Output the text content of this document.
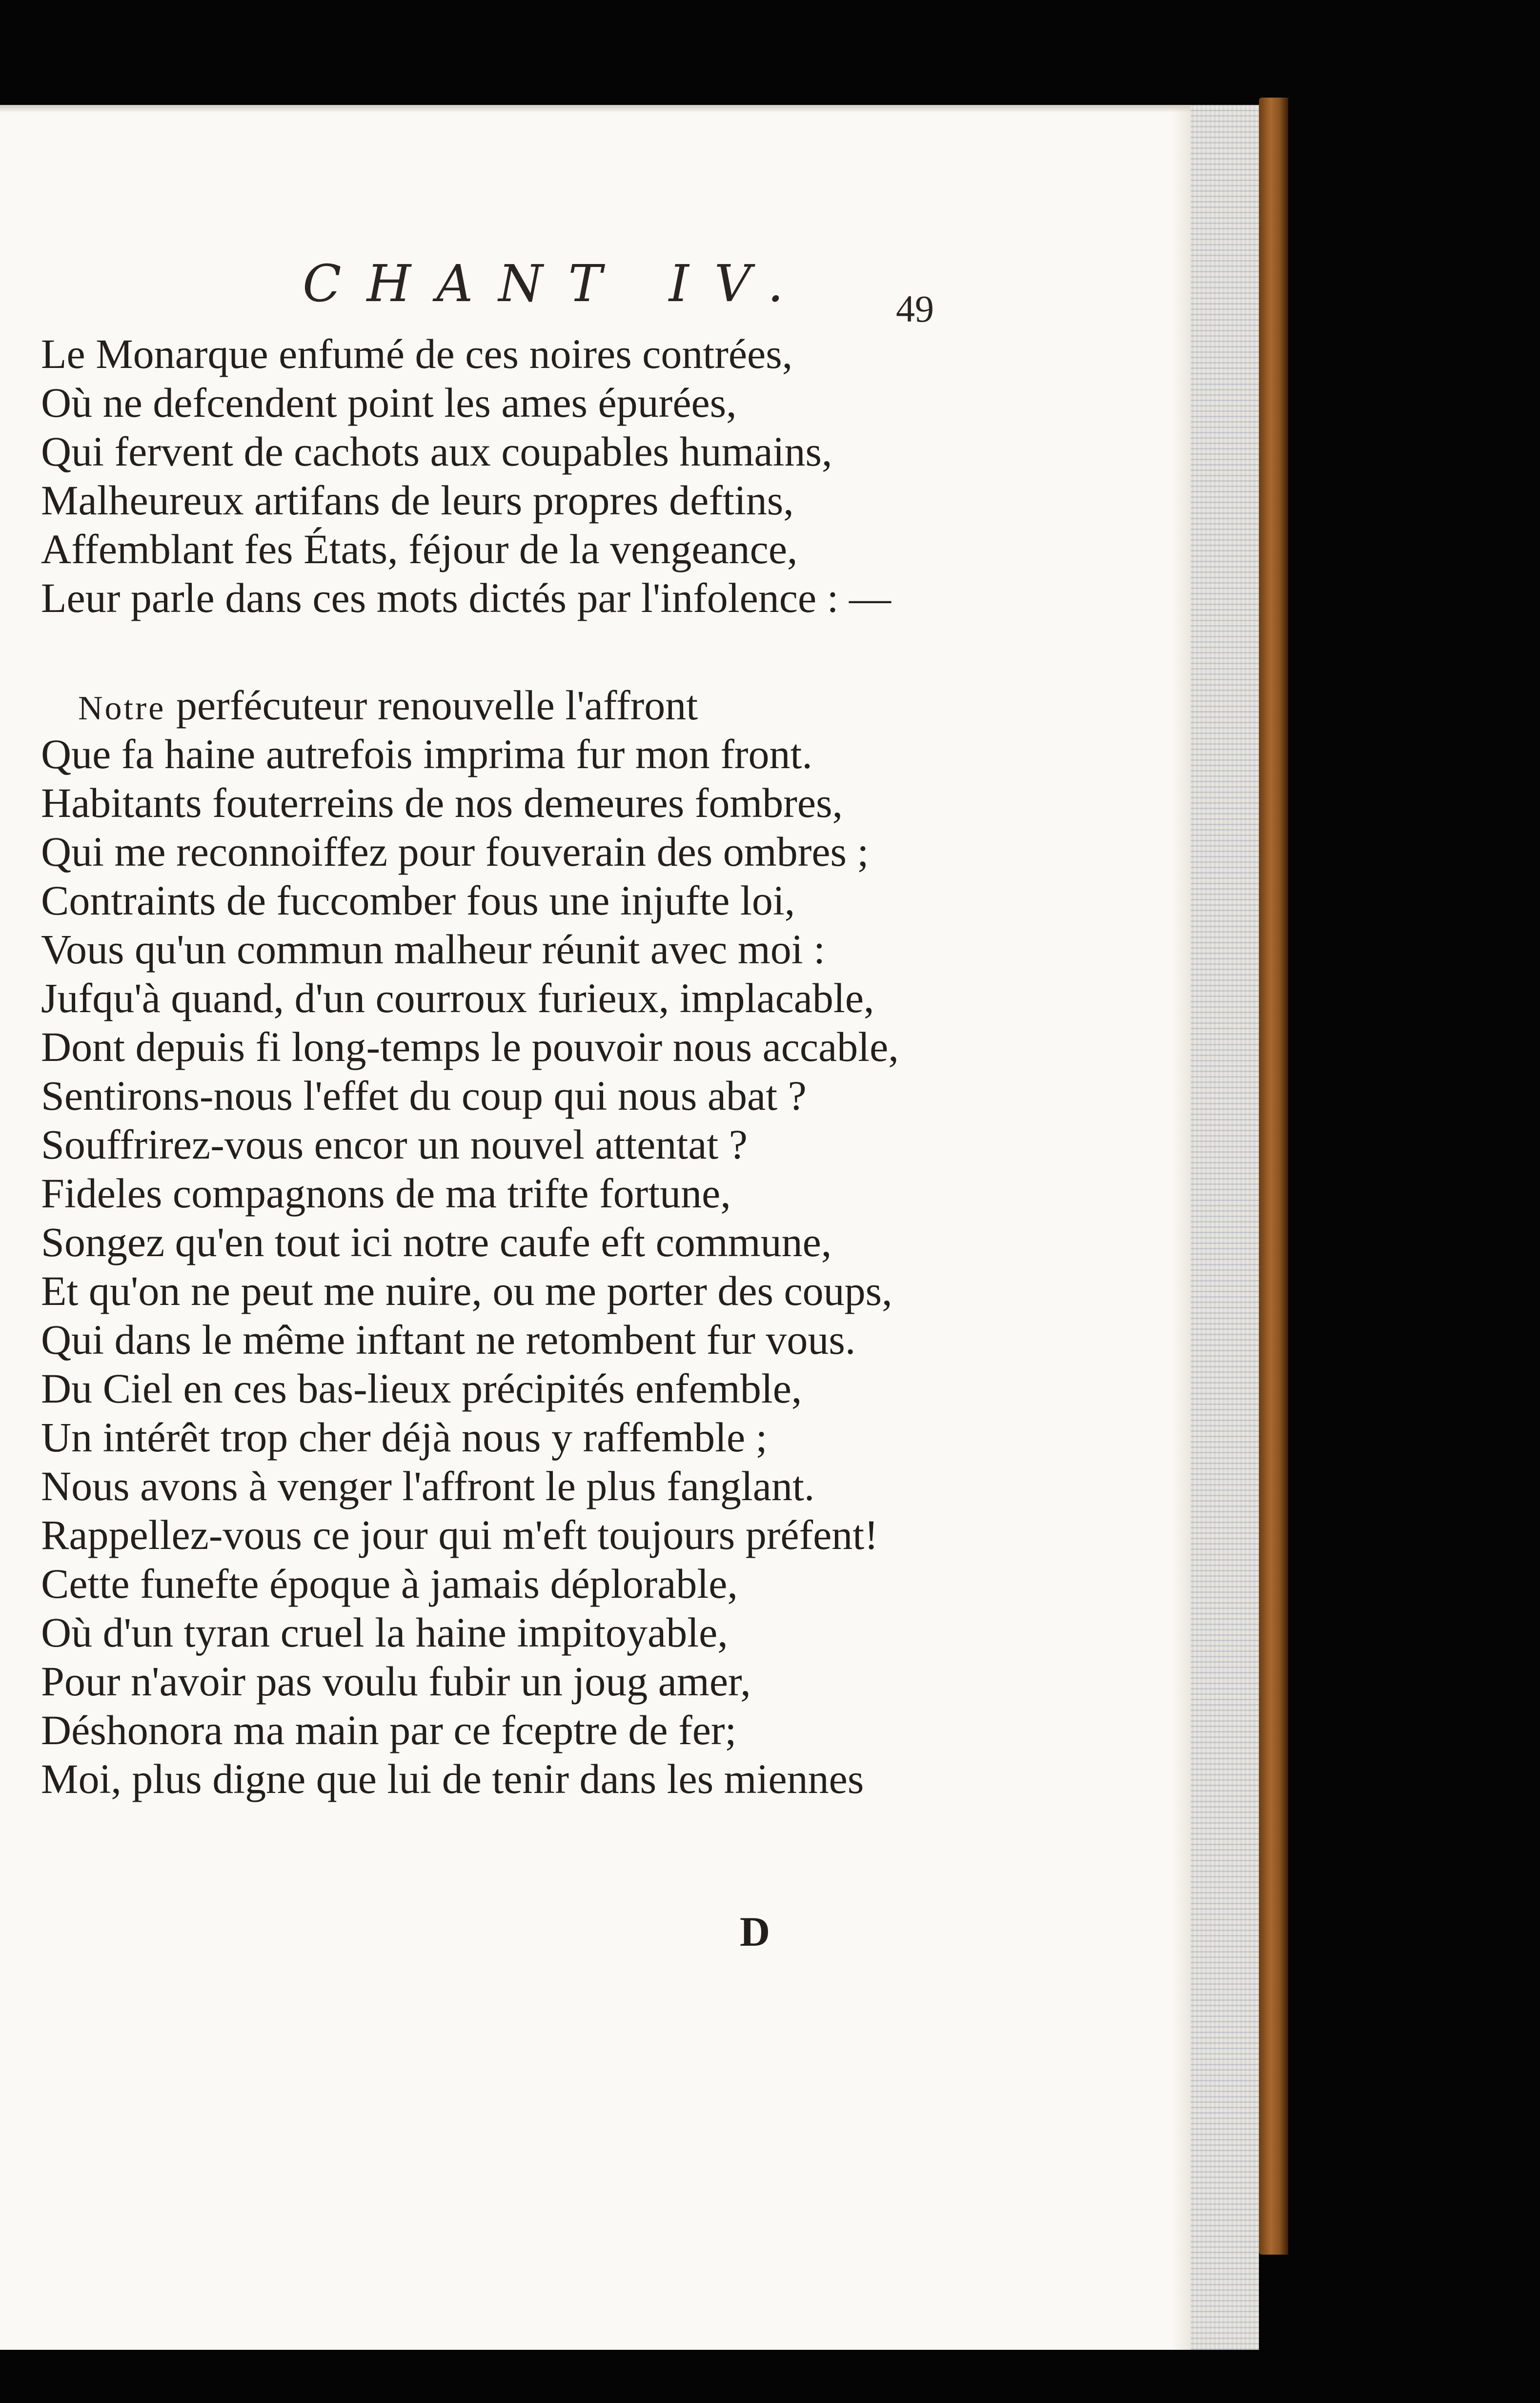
CHANT IV. 49
Le Monarque enfumé de ces noires contrées,
Où ne defcendent point les ames épurées,
Qui fervent de cachots aux coupables humains,
Malheureux artifans de leurs propres deftins,
Affemblant fes États, féjour de la vengeance,
Leur parle dans ces mots dictés par l'infolence : —
Notre perfécuteur renouvelle l'affront
Que fa haine autrefois imprima fur mon front.
Habitants fouterreins de nos demeures fombres,
Qui me reconnoiffez pour fouverain des ombres ;
Contraints de fuccomber fous une injufte loi,
Vous qu'un commun malheur réunit avec moi :
Jufqu'à quand, d'un courroux furieux, implacable,
Dont depuis fi long-temps le pouvoir nous accable,
Sentirons-nous l'effet du coup qui nous abat ?
Souffrirez-vous encor un nouvel attentat ?
Fideles compagnons de ma trifte fortune,
Songez qu'en tout ici notre caufe eft commune,
Et qu'on ne peut me nuire, ou me porter des coups,
Qui dans le même inftant ne retombent fur vous.
Du Ciel en ces bas-lieux précipités enfemble,
Un intérêt trop cher déjà nous y raffemble ;
Nous avons à venger l'affront le plus fanglant.
Rappellez-vous ce jour qui m'eft toujours préfent!
Cette funefte époque à jamais déplorable,
Où d'un tyran cruel la haine impitoyable,
Pour n'avoir pas voulu fubir un joug amer,
Déshonora ma main par ce fceptre de fer;
Moi, plus digne que lui de tenir dans les miennes
D
